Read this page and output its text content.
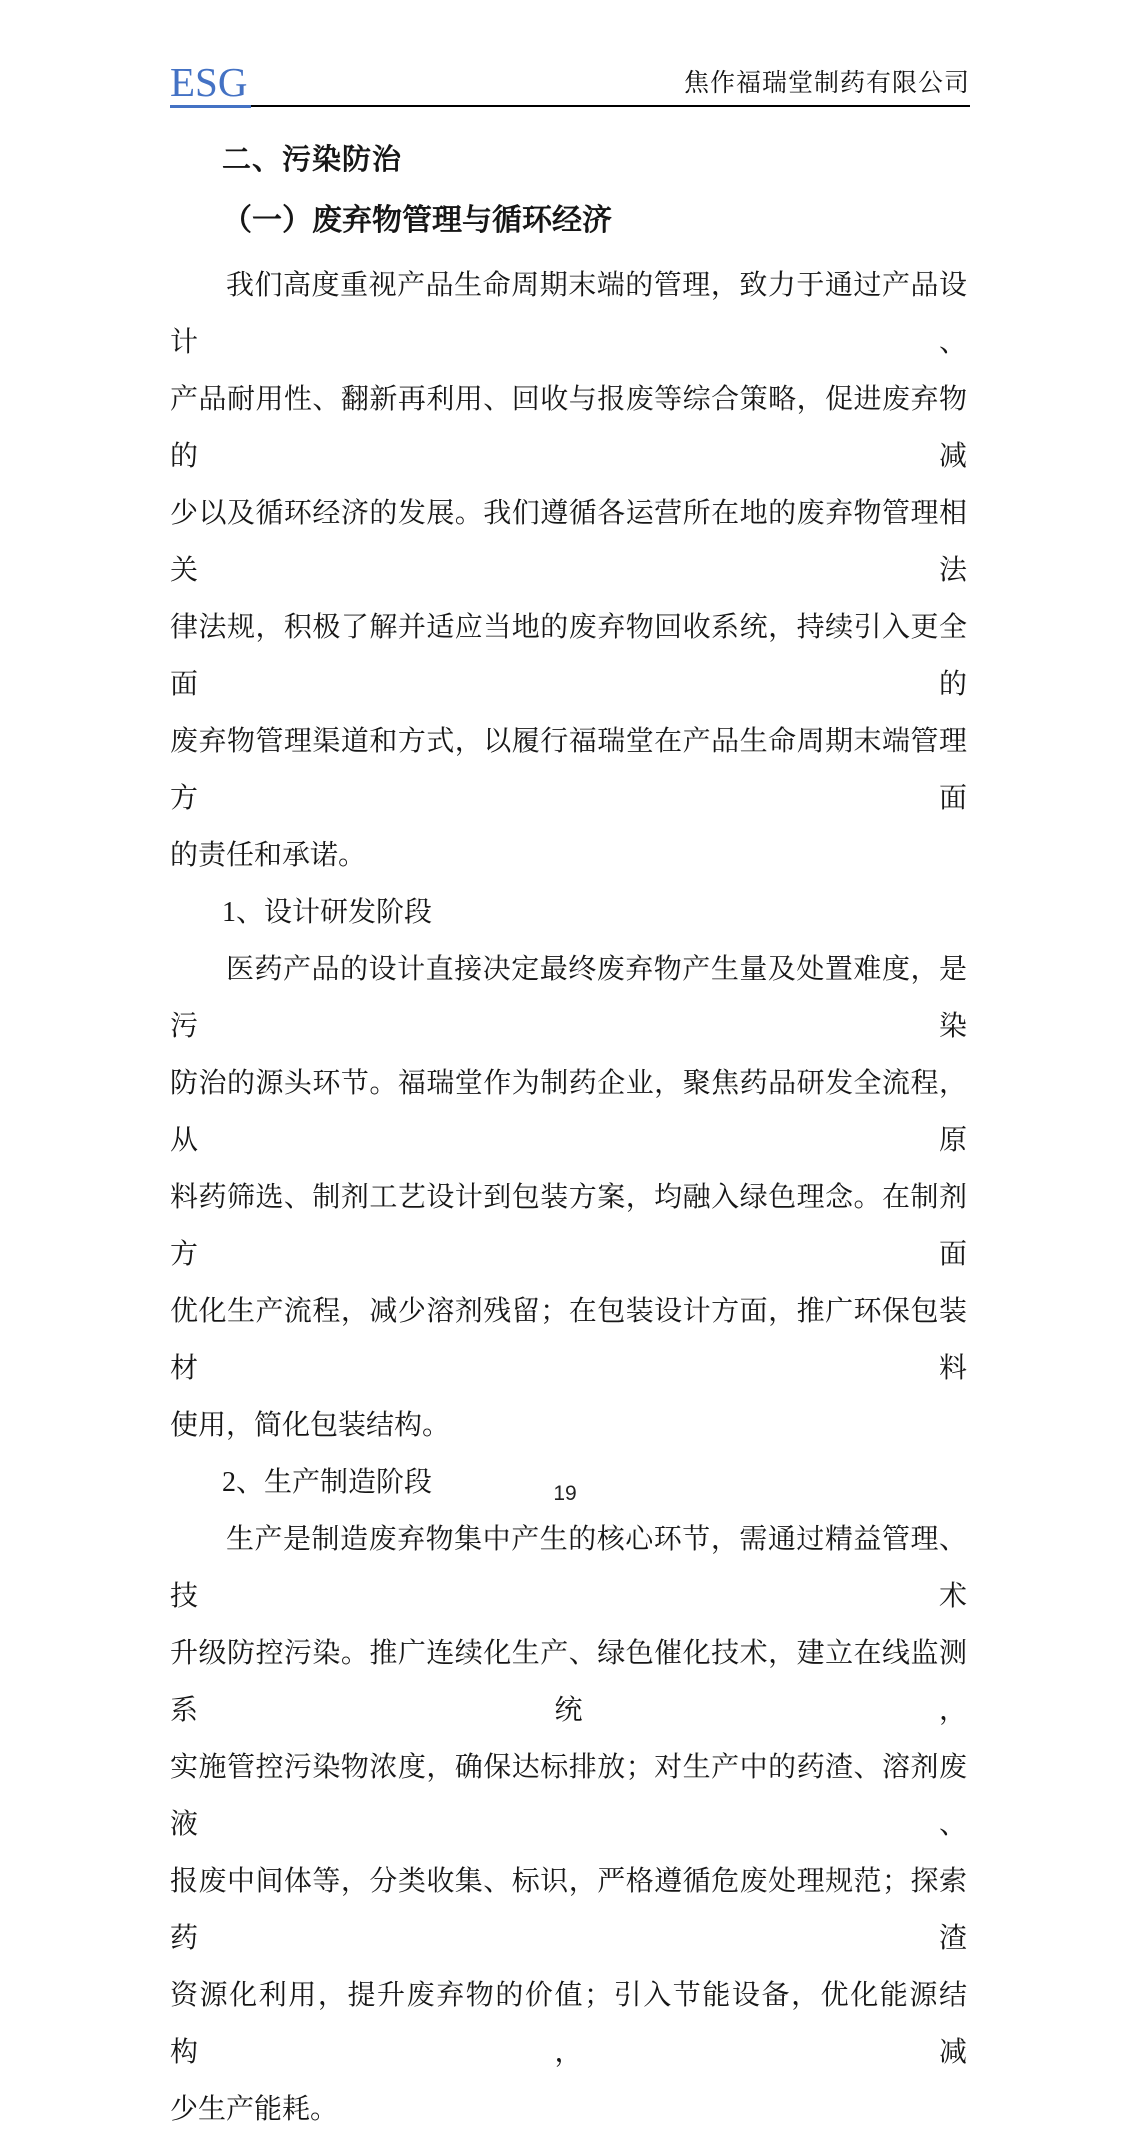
ESG	焦作福瑞堂制药有限公司
二、污染防治
（一）废弃物管理与循环经济
我们高度重视产品生命周期末端的管理，致力于通过产品设计、
产品耐用性、翻新再利用、回收与报废等综合策略，促进废弃物的减
少以及循环经济的发展。我们遵循各运营所在地的废弃物管理相关法
律法规，积极了解并适应当地的废弃物回收系统，持续引入更全面的
废弃物管理渠道和方式，以履行福瑞堂在产品生命周期末端管理方面
的责任和承诺。
1、设计研发阶段
医药产品的设计直接决定最终废弃物产生量及处置难度，是污染
防治的源头环节。福瑞堂作为制药企业，聚焦药品研发全流程，从原
料药筛选、制剂工艺设计到包装方案，均融入绿色理念。在制剂方面
优化生产流程，减少溶剂残留；在包装设计方面，推广环保包装材料
使用，简化包装结构。
2、生产制造阶段
生产是制造废弃物集中产生的核心环节，需通过精益管理、技术
升级防控污染。推广连续化生产、绿色催化技术，建立在线监测系统，
实施管控污染物浓度，确保达标排放；对生产中的药渣、溶剂废液、
报废中间体等，分类收集、标识，严格遵循危废处理规范；探索药渣
资源化利用，提升废弃物的价值；引入节能设备，优化能源结构，减
少生产能耗。
19
